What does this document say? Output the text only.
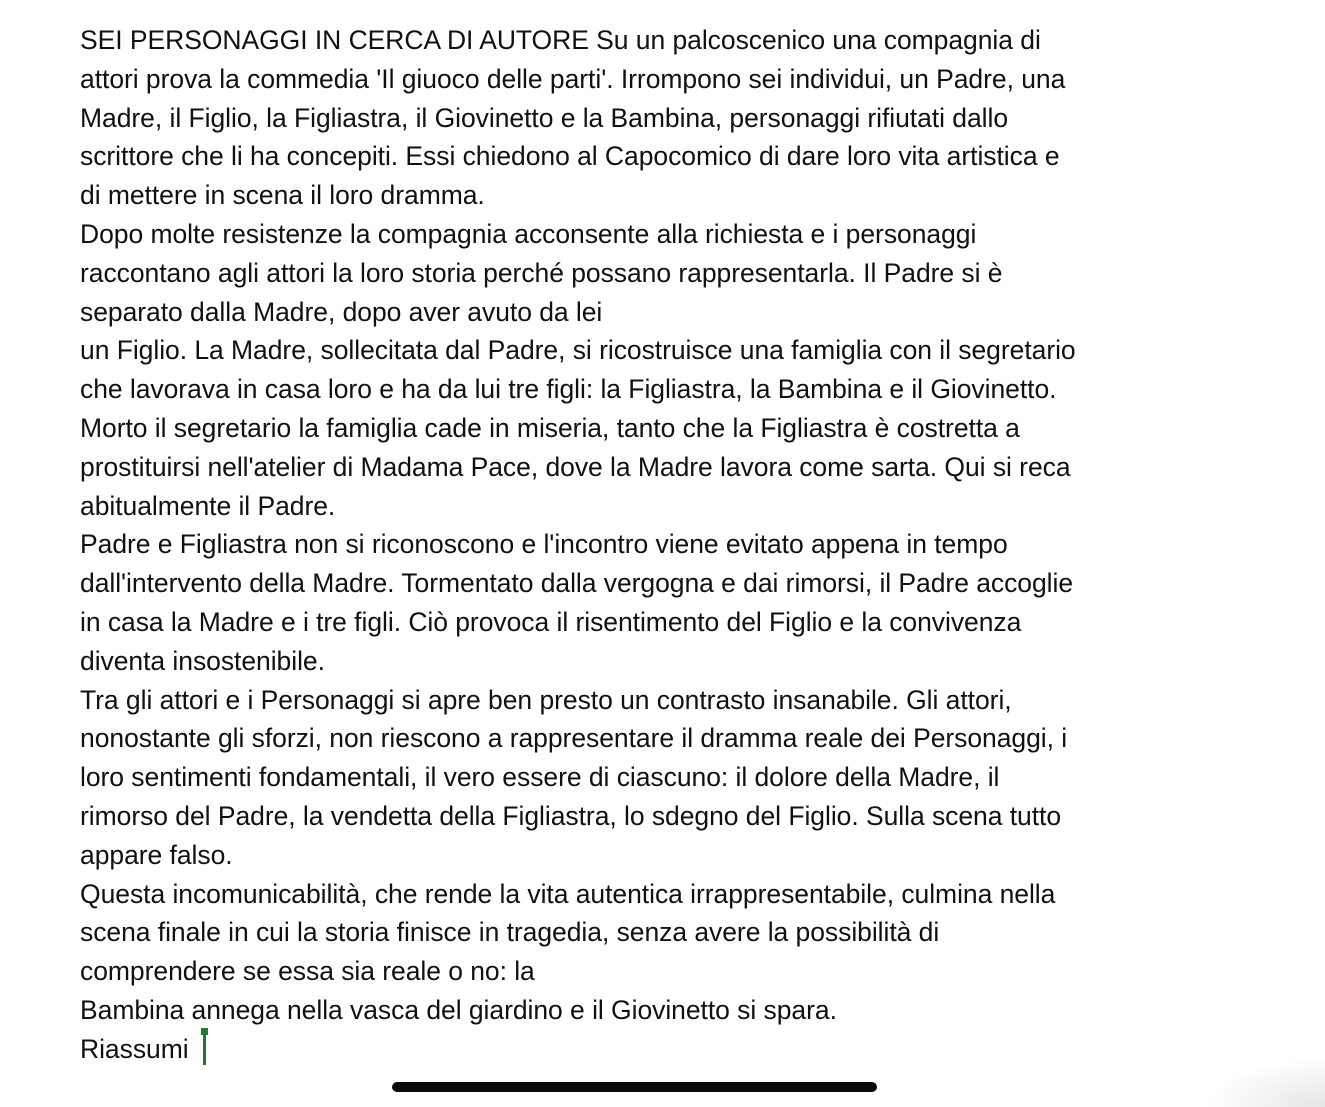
SEI PERSONAGGI IN CERCA DI AUTORE Su un palcoscenico una compagnia di
attori prova la commedia 'Il giuoco delle parti'. Irrompono sei individui, un Padre, una
Madre, il Figlio, la Figliastra, il Giovinetto e la Bambina, personaggi rifiutati dallo
scrittore che li ha concepiti. Essi chiedono al Capocomico di dare loro vita artistica e
di mettere in scena il loro dramma.
Dopo molte resistenze la compagnia acconsente alla richiesta e i personaggi
raccontano agli attori la loro storia perché possano rappresentarla. Il Padre si è
separato dalla Madre, dopo aver avuto da lei
un Figlio. La Madre, sollecitata dal Padre, si ricostruisce una famiglia con il segretario
che lavorava in casa loro e ha da lui tre figli: la Figliastra, la Bambina e il Giovinetto.
Morto il segretario la famiglia cade in miseria, tanto che la Figliastra è costretta a
prostituirsi nell'atelier di Madama Pace, dove la Madre lavora come sarta. Qui si reca
abitualmente il Padre.
Padre e Figliastra non si riconoscono e l'incontro viene evitato appena in tempo
dall'intervento della Madre. Tormentato dalla vergogna e dai rimorsi, il Padre accoglie
in casa la Madre e i tre figli. Ciò provoca il risentimento del Figlio e la convivenza
diventa insostenibile.
Tra gli attori e i Personaggi si apre ben presto un contrasto insanabile. Gli attori,
nonostante gli sforzi, non riescono a rappresentare il dramma reale dei Personaggi, i
loro sentimenti fondamentali, il vero essere di ciascuno: il dolore della Madre, il
rimorso del Padre, la vendetta della Figliastra, lo sdegno del Figlio. Sulla scena tutto
appare falso.
Questa incomunicabilità, che rende la vita autentica irrappresentabile, culmina nella
scena finale in cui la storia finisce in tragedia, senza avere la possibilità di
comprendere se essa sia reale o no: la
Bambina annega nella vasca del giardino e il Giovinetto si spara.
Riassumi
